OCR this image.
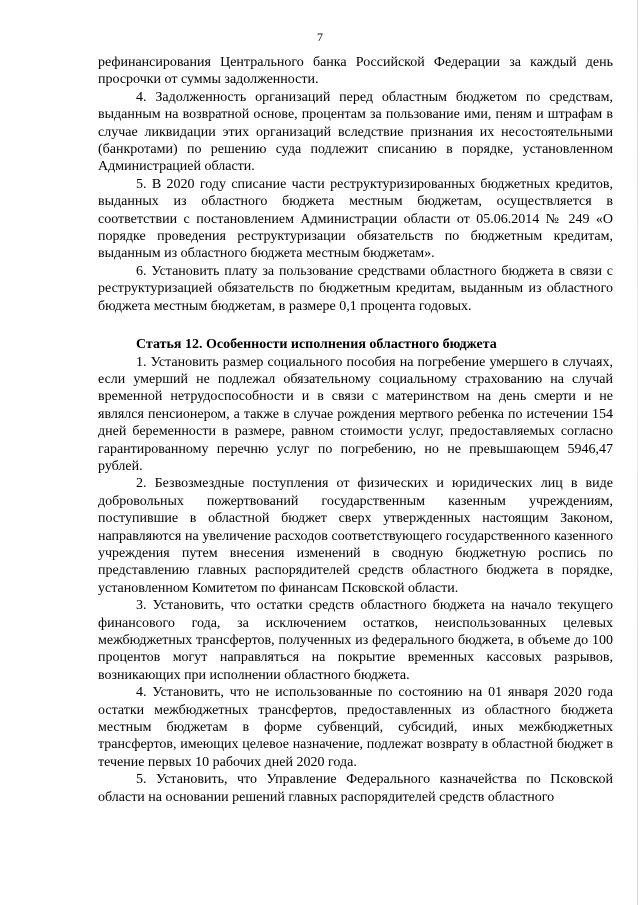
7

рефинансирования Центрального банка Российской Федерации за каждый день просрочки от суммы задолженности.

4. Задолженность организаций перед областным бюджетом по средствам, выданным на возвратной основе, процентам за пользование ими, пеням и штрафам в случае ликвидации этих организаций вследствие признания их несостоятельными (банкротами) по решению суда подлежит списанию в порядке, установленном Администрацией области.

5. В 2020 году списание части реструктуризированных бюджетных кредитов, выданных из областного бюджета местным бюджетам, осуществляется в соответствии с постановлением Администрации области от 05.06.2014 № 249 «О порядке проведения реструктуризации обязательств по бюджетным кредитам, выданным из областного бюджета местным бюджетам».

6. Установить плату за пользование средствами областного бюджета в связи с реструктуризацией обязательств по бюджетным кредитам, выданным из областного бюджета местным бюджетам, в размере 0,1 процента годовых.

Статья 12. Особенности исполнения областного бюджета

1. Установить размер социального пособия на погребение умершего в случаях, если умерший не подлежал обязательному социальному страхованию на случай временной нетрудоспособности и в связи с материнством на день смерти и не являлся пенсионером, а также в случае рождения мертвого ребенка по истечении 154 дней беременности в размере, равном стоимости услуг, предоставляемых согласно гарантированному перечню услуг по погребению, но не превышающем 5946,47 рублей.

2. Безвозмездные поступления от физических и юридических лиц в виде добровольных пожертвований государственным казенным учреждениям, поступившие в областной бюджет сверх утвержденных настоящим Законом, направляются на увеличение расходов соответствующего государственного казенного учреждения путем внесения изменений в сводную бюджетную роспись по представлению главных распорядителей средств областного бюджета в порядке, установленном Комитетом по финансам Псковской области.

3. Установить, что остатки средств областного бюджета на начало текущего финансового года, за исключением остатков, неиспользованных целевых межбюджетных трансфертов, полученных из федерального бюджета, в объеме до 100 процентов могут направляться на покрытие временных кассовых разрывов, возникающих при исполнении областного бюджета.

4. Установить, что не использованные по состоянию на 01 января 2020 года остатки межбюджетных трансфертов, предоставленных из областного бюджета местным бюджетам в форме субвенций, субсидий, иных межбюджетных трансфертов, имеющих целевое назначение, подлежат возврату в областной бюджет в течение первых 10 рабочих дней 2020 года.

5. Установить, что Управление Федерального казначейства по Псковской области на основании решений главных распорядителей средств областного
